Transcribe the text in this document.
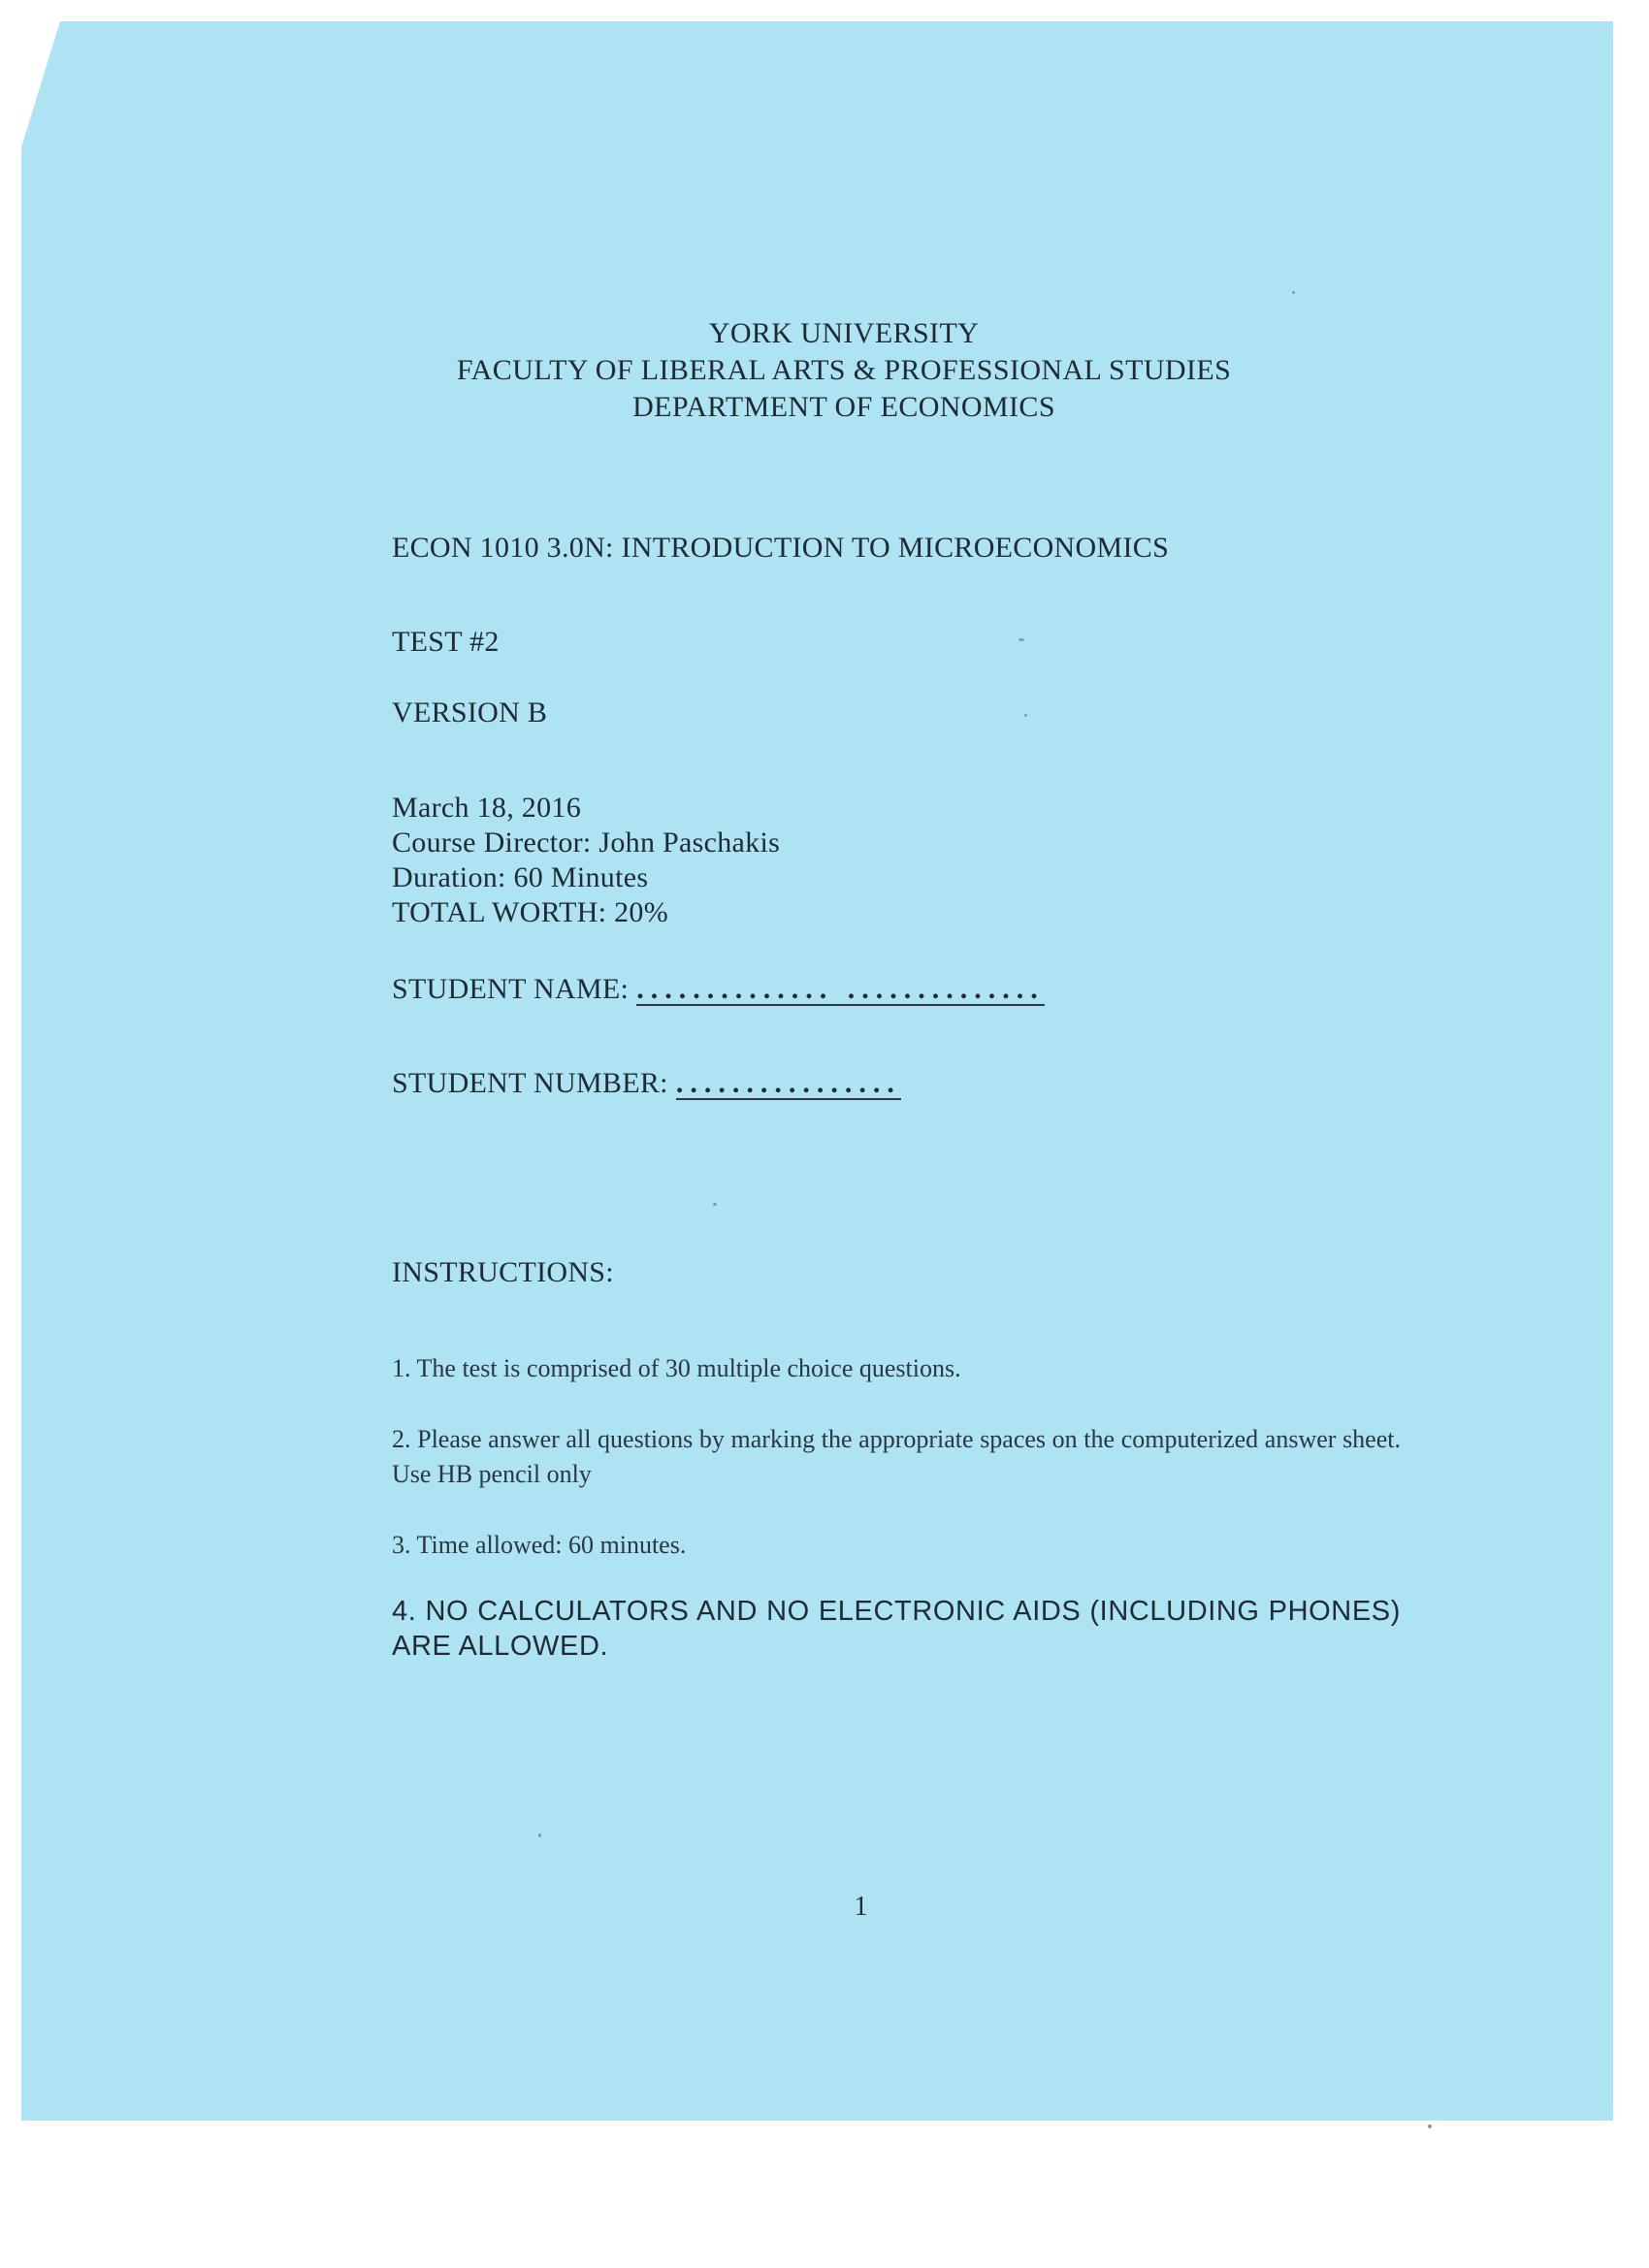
YORK UNIVERSITY
FACULTY OF LIBERAL ARTS & PROFESSIONAL STUDIES
DEPARTMENT OF ECONOMICS
ECON 1010 3.0N: INTRODUCTION TO MICROECONOMICS
TEST #2
VERSION B
March 18, 2016
Course Director: John Paschakis
Duration: 60 Minutes
TOTAL WORTH: 20%
STUDENT NAME: .............. ..............
STUDENT NUMBER: ................
INSTRUCTIONS:
1. The test is comprised of 30 multiple choice questions.
2. Please answer all questions by marking the appropriate spaces on the computerized answer sheet. Use HB pencil only
3. Time allowed: 60 minutes.
4. NO CALCULATORS AND NO ELECTRONIC AIDS (INCLUDING PHONES) ARE ALLOWED.
1
